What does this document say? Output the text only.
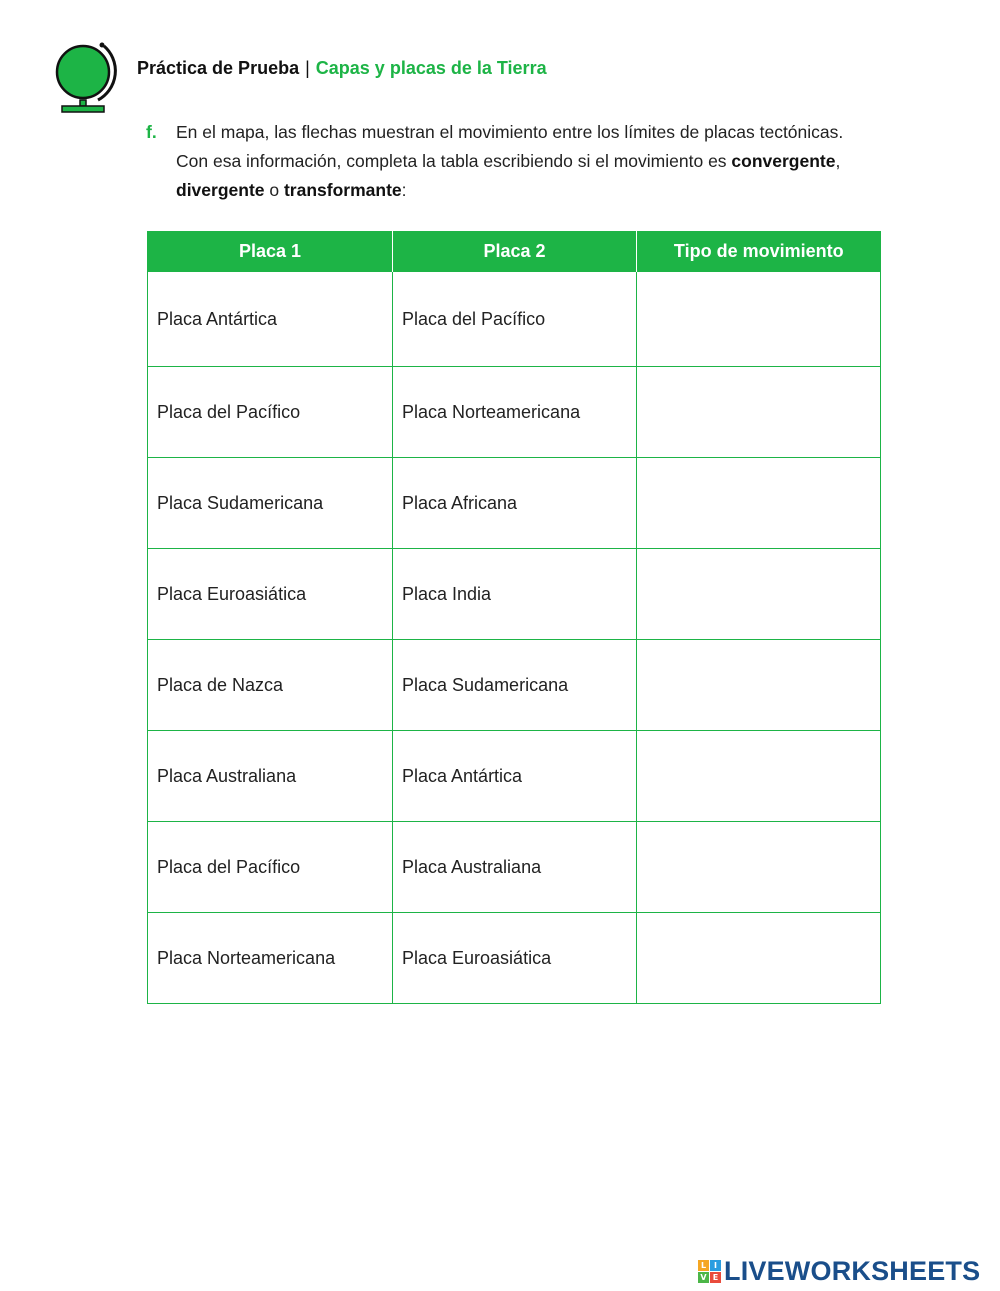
Práctica de Prueba | Capas y placas de la Tierra
f. En el mapa, las flechas muestran el movimiento entre los límites de placas tectónicas. Con esa información, completa la tabla escribiendo si el movimiento es convergente, divergente o transformante:
Placa 1	Placa 2	Tipo de movimiento
Placa Antártica	Placa del Pacífico	
Placa del Pacífico	Placa Norteamericana	
Placa Sudamericana	Placa Africana	
Placa Euroasiática	Placa India	
Placa de Nazca	Placa Sudamericana	
Placa Australiana	Placa Antártica	
Placa del Pacífico	Placa Australiana	
Placa Norteamericana	Placa Euroasiática	
L I
V E LIVEWORKSHEETS
